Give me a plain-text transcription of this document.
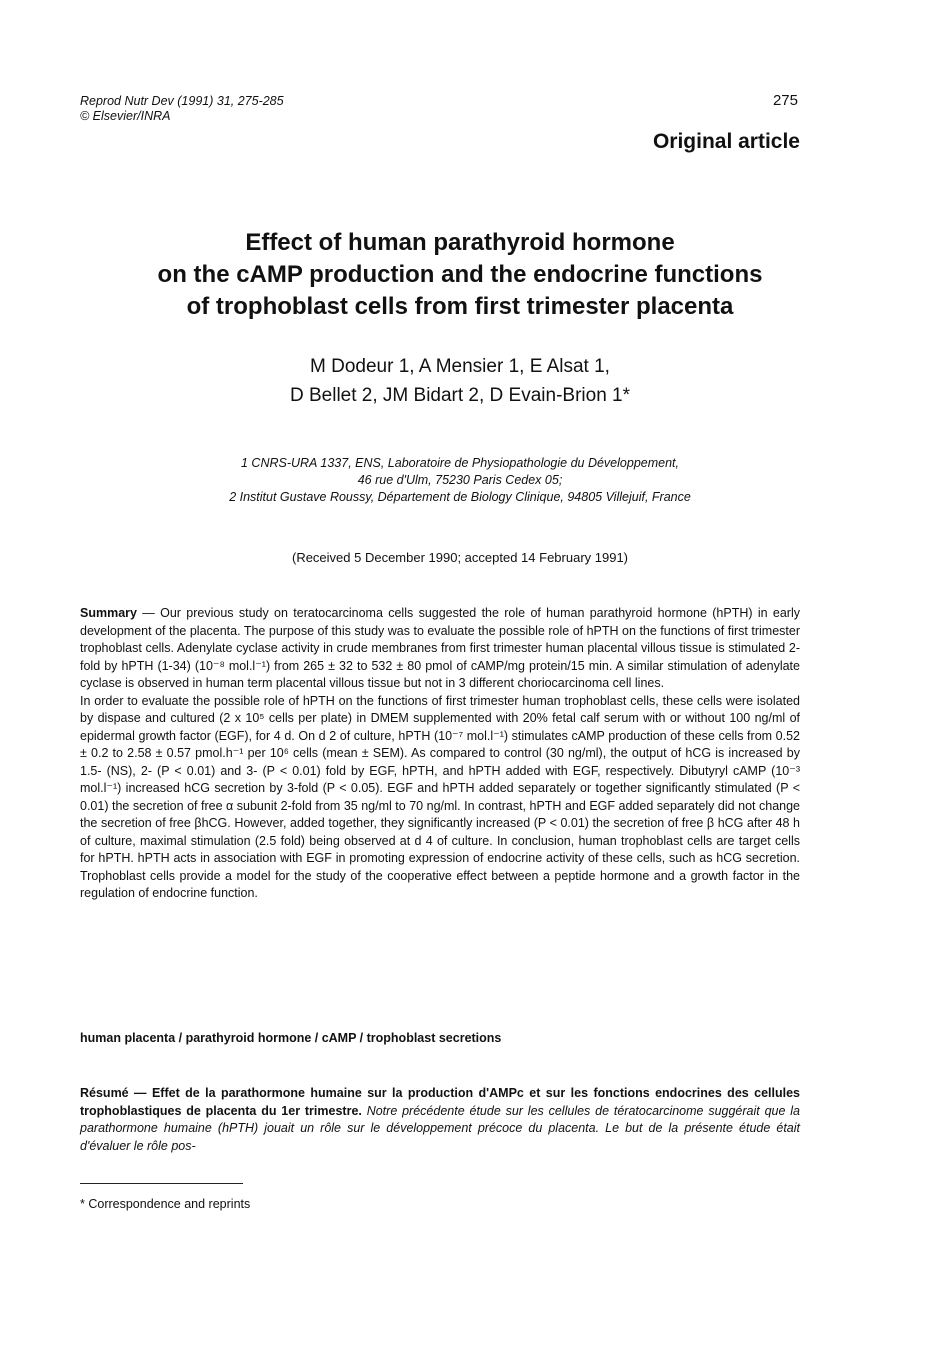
Reprod Nutr Dev (1991) 31, 275-285
© Elsevier/INRA
275
Original article
Effect of human parathyroid hormone
on the cAMP production and the endocrine functions
of trophoblast cells from first trimester placenta
M Dodeur 1, A Mensier 1, E Alsat 1,
D Bellet 2, JM Bidart 2, D Evain-Brion 1*
1 CNRS-URA 1337, ENS, Laboratoire de Physiopathologie du Développement,
46 rue d'Ulm, 75230 Paris Cedex 05;
2 Institut Gustave Roussy, Département de Biology Clinique, 94805 Villejuif, France
(Received 5 December 1990; accepted 14 February 1991)

Summary — Our previous study on teratocarcinoma cells suggested the role of human parathyroid hormone (hPTH) in early development of the placenta. The purpose of this study was to evaluate the possible role of hPTH on the functions of first trimester trophoblast cells. Adenylate cyclase activity in crude membranes from first trimester human placental villous tissue is stimulated 2-fold by hPTH (1-34) (10⁻⁸ mol.l⁻¹) from 265 ± 32 to 532 ± 80 pmol of cAMP/mg protein/15 min. A similar stimulation of adenylate cyclase is observed in human term placental villous tissue but not in 3 different choriocarcinoma cell lines.

In order to evaluate the possible role of hPTH on the functions of first trimester human trophoblast cells, these cells were isolated by dispase and cultured (2 x 10⁵ cells per plate) in DMEM supplemented with 20% fetal calf serum with or without 100 ng/ml of epidermal growth factor (EGF), for 4 d. On d 2 of culture, hPTH (10⁻⁷ mol.l⁻¹) stimulates cAMP production of these cells from 0.52 ± 0.2 to 2.58 ± 0.57 pmol.h⁻¹ per 10⁶ cells (mean ± SEM). As compared to control (30 ng/ml), the output of hCG is increased by 1.5- (NS), 2- (P < 0.01) and 3- (P < 0.01) fold by EGF, hPTH, and hPTH added with EGF, respectively. Dibutyryl cAMP (10⁻³ mol.l⁻¹) increased hCG secretion by 3-fold (P < 0.05). EGF and hPTH added separately or together significantly stimulated (P < 0.01) the secretion of free α subunit 2-fold from 35 ng/ml to 70 ng/ml. In contrast, hPTH and EGF added separately did not change the secretion of free βhCG. However, added together, they significantly increased (P < 0.01) the secretion of free β hCG after 48 h of culture, maximal stimulation (2.5 fold) being observed at d 4 of culture. In conclusion, human trophoblast cells are target cells for hPTH. hPTH acts in association with EGF in promoting expression of endocrine activity of these cells, such as hCG secretion. Trophoblast cells provide a model for the study of the cooperative effect between a peptide hormone and a growth factor in the regulation of endocrine function.

human placenta / parathyroid hormone / cAMP / trophoblast secretions
Résumé — Effet de la parathormone humaine sur la production d'AMPc et sur les fonctions endocrines des cellules trophoblastiques de placenta du 1er trimestre. Notre précédente étude sur les cellules de tératocarcinome suggérait que la parathormone humaine (hPTH) jouait un rôle sur le développement précoce du placenta. Le but de la présente étude était d'évaluer le rôle pos-
* Correspondence and reprints
